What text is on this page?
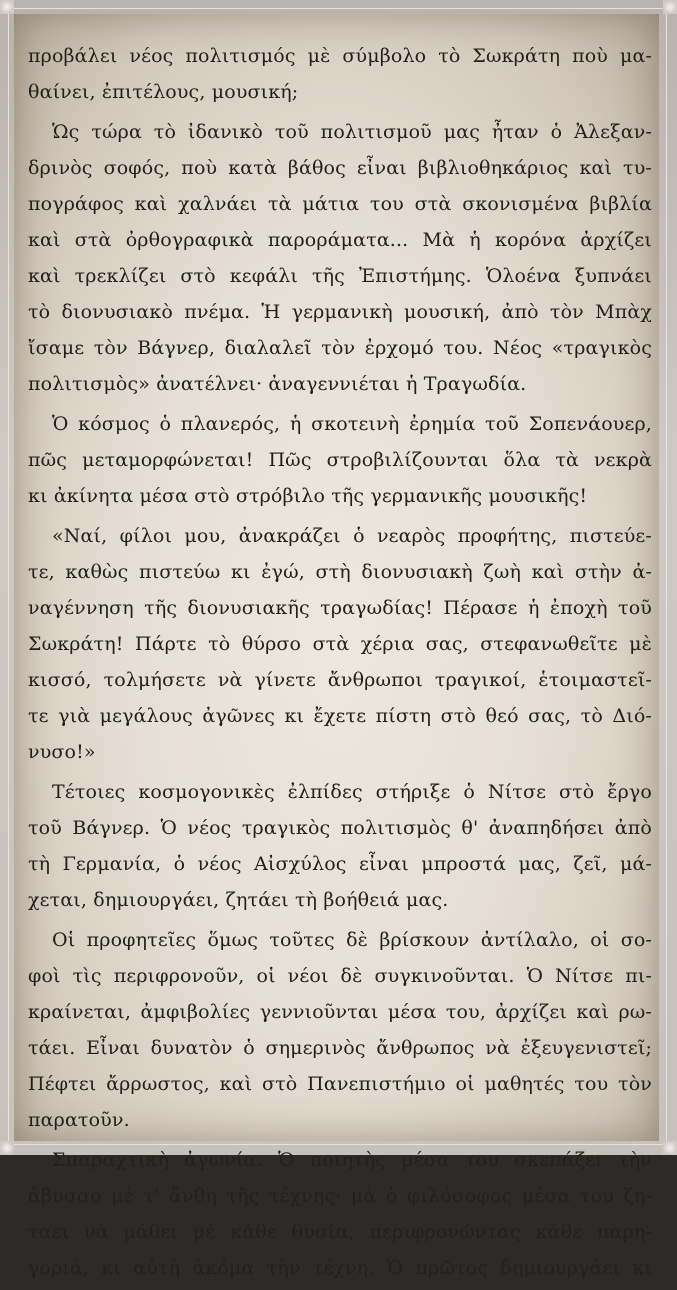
προβάλει νέος πολιτισμός μὲ σύμβολο τὸ Σωκράτη ποὺ μα-
θαίνει, ἐπιτέλους, μουσική;
Ὡς τώρα τὸ ἰδανικὸ τοῦ πολιτισμοῦ μας ἦταν ὁ Ἀλεξαν-
δρινὸς σοφός, ποὺ κατὰ βάθος εἶναι βιβλιοθηκάριος καὶ τυ-
πογράφος καὶ χαλνάει τὰ μάτια του στὰ σκονισμένα βιβλία
καὶ στὰ ὀρθογραφικὰ παροράματα... Μὰ ἡ κορόνα ἀρχίζει
καὶ τρεκλίζει στὸ κεφάλι τῆς Ἐπιστήμης. Ὁλοένα ξυπνάει
τὸ διονυσιακὸ πνέμα. Ἡ γερμανικὴ μουσική, ἀπὸ τὸν Μπὰχ
ἴσαμε τὸν Βάγνερ, διαλαλεῖ τὸν ἐρχομό του. Νέος «τραγικὸς
πολιτισμὸς» ἀνατέλνει· ἀναγεννιέται ἡ Τραγωδία.
Ὁ κόσμος ὁ πλανερός, ἡ σκοτεινὴ ἐρημία τοῦ Σοπενάουερ,
πῶς μεταμορφώνεται! Πῶς στροβιλίζουνται ὅλα τὰ νεκρὰ
κι ἀκίνητα μέσα στὸ στρόβιλο τῆς γερμανικῆς μουσικῆς!
«Ναί, φίλοι μου, ἀνακράζει ὁ νεαρὸς προφήτης, πιστεύε-
τε, καθὼς πιστεύω κι ἐγώ, στὴ διονυσιακὴ ζωὴ καὶ στὴν ἀ-
ναγέννηση τῆς διονυσιακῆς τραγωδίας! Πέρασε ἡ ἐποχὴ τοῦ
Σωκράτη! Πάρτε τὸ θύρσο στὰ χέρια σας, στεφανωθεῖτε μὲ
κισσό, τολμήσετε νὰ γίνετε ἄνθρωποι τραγικοί, ἑτοιμαστεῖ-
τε γιὰ μεγάλους ἀγῶνες κι ἔχετε πίστη στὸ θεό σας, τὸ Διό-
νυσο!»
Τέτοιες κοσμογονικὲς ἐλπίδες στήριξε ὁ Νίτσε στὸ ἔργο
τοῦ Βάγνερ. Ὁ νέος τραγικὸς πολιτισμὸς θ' ἀναπηδήσει ἀπὸ
τὴ Γερμανία, ὁ νέος Αἰσχύλος εἶναι μπροστά μας, ζεῖ, μά-
χεται, δημιουργάει, ζητάει τὴ βοήθειά μας.
Οἱ προφητεῖες ὅμως τοῦτες δὲ βρίσκουν ἀντίλαλο, οἱ σο-
φοὶ τὶς περιφρονοῦν, οἱ νέοι δὲ συγκινοῦνται. Ὁ Νίτσε πι-
κραίνεται, ἀμφιβολίες γεννιοῦνται μέσα του, ἀρχίζει καὶ ρω-
τάει. Εἶναι δυνατὸν ὁ σημερινὸς ἄνθρωπος νὰ ἐξευγενιστεῖ;
Πέφτει ἄρρωστος, καὶ στὸ Πανεπιστήμιο οἱ μαθητές του τὸν
παρατοῦν.
Σπαραχτικὴ ἀγωνία. Ὁ ποιητὴς μέσα του σκεπάζει τὴν
ἄβυσσο μὲ τ' ἄνθη τῆς τέχνης· μὰ ὁ φιλόσοφος μέσα του ζη-
τάει νὰ μάθει μὲ κάθε θυσία, περιφρονώντας κάθε παρη-
γοριά, κι αὐτὴ ἀκόμα τὴν τέχνη. Ὁ πρῶτος δημιουργάει κι
